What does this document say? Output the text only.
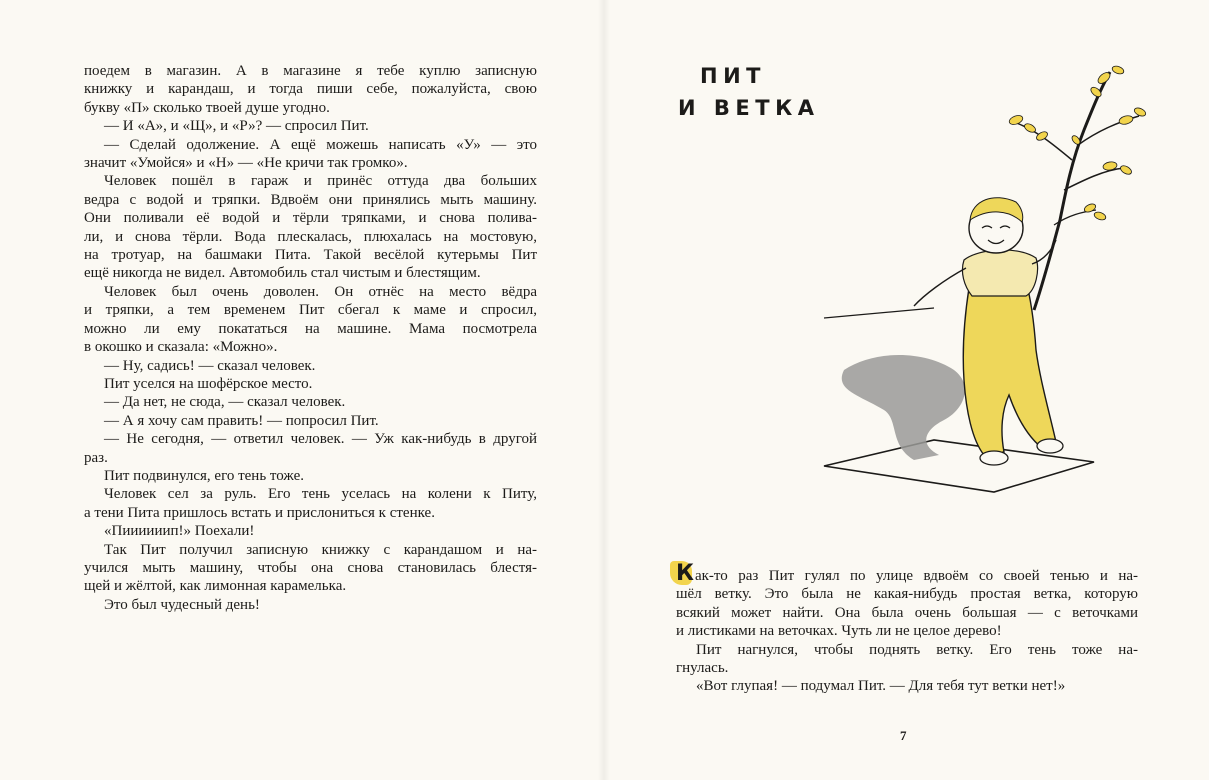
поедем в магазин. А в магазине я тебе куплю записную

книжку и карандаш, и тогда пиши себе, пожалуйста, свою

букву «П» сколько твоей душе угодно.

— И «А», и «Щ», и «Р»? — спросил Пит.

— Сделай одолжение. А ещё можешь написать «У» — это

значит «Умойся» и «Н» — «Не кричи так громко».

Человек пошёл в гараж и принёс оттуда два больших

ведра с водой и тряпки. Вдвоём они принялись мыть машину.

Они поливали её водой и тёрли тряпками, и снова полива-

ли, и снова тёрли. Вода плескалась, плюхалась на мостовую,

на тротуар, на башмаки Пита. Такой весёлой кутерьмы Пит

ещё никогда не видел. Автомобиль стал чистым и блестящим.

Человек был очень доволен. Он отнёс на место вёдра

и тряпки, а тем временем Пит сбегал к маме и спросил,

можно ли ему покататься на машине. Мама посмотрела

в окошко и сказала: «Можно».

— Ну, садись! — сказал человек.

Пит уселся на шофёрское место.

— Да нет, не сюда, — сказал человек.

— А я хочу сам править! — попросил Пит.

— Не сегодня, — ответил человек. — Уж как-нибудь в другой

раз.

Пит подвинулся, его тень тоже.

Человек сел за руль. Его тень уселась на колени к Питу,

а тени Пита пришлось встать и прислониться к стенке.

«Пиииииип!» Поехали!

Так Пит получил записную книжку с карандашом и на-

учился мыть машину, чтобы она снова становилась блестя-

щей и жёлтой, как лимонная карамелька.

Это был чудесный день!

ПИТ
И ВЕТКА

Как-то раз Пит гулял по улице вдвоём со своей тенью и на-

шёл ветку. Это была не какая-нибудь простая ветка, которую

всякий может найти. Она была очень большая — с веточками

и листиками на веточках. Чуть ли не целое дерево!

Пит нагнулся, чтобы поднять ветку. Его тень тоже на-

гнулась.

«Вот глупая! — подумал Пит. — Для тебя тут ветки нет!»

7
